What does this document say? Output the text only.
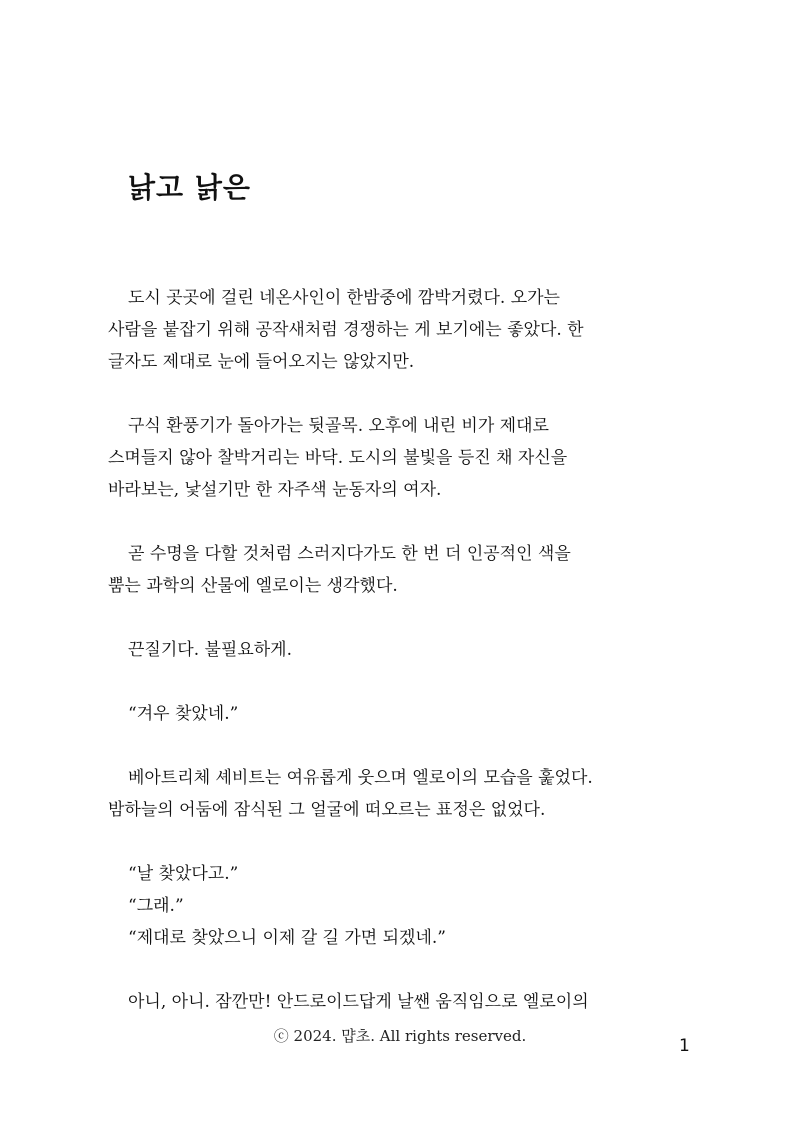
낡고 낡은

도시 곳곳에 걸린 네온사인이 한밤중에 깜박거렸다. 오가는
사람을 붙잡기 위해 공작새처럼 경쟁하는 게 보기에는 좋았다. 한
글자도 제대로 눈에 들어오지는 않았지만.

구식 환풍기가 돌아가는 뒷골목. 오후에 내린 비가 제대로
스며들지 않아 찰박거리는 바닥. 도시의 불빛을 등진 채 자신을
바라보는, 낯설기만 한 자주색 눈동자의 여자.

곧 수명을 다할 것처럼 스러지다가도 한 번 더 인공적인 색을
뿜는 과학의 산물에 엘로이는 생각했다.

끈질기다. 불필요하게.

“겨우 찾았네.”

베아트리체 셰비트는 여유롭게 웃으며 엘로이의 모습을 훑었다.
밤하늘의 어둠에 잠식된 그 얼굴에 떠오르는 표정은 없었다.

“날 찾았다고.”
“그래.”
“제대로 찾았으니 이제 갈 길 가면 되겠네.”

아니, 아니. 잠깐만! 안드로이드답게 날쌘 움직임으로 엘로이의

ⓒ 2024. 먑초. All rights reserved.	1
